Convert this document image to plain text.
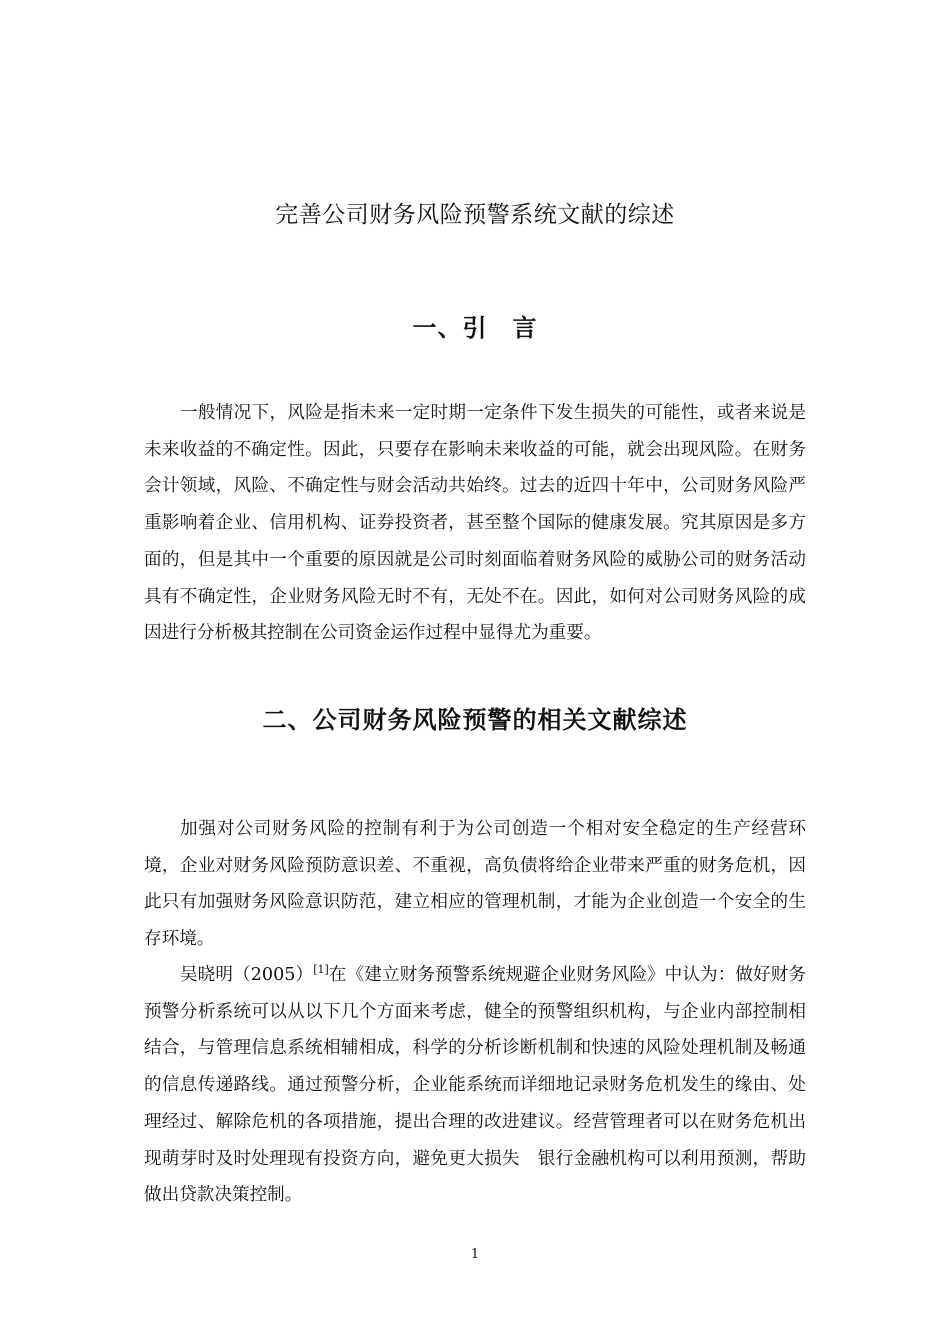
完善公司财务风险预警系统文献的综述
一、引　言
一般情况下，风险是指未来一定时期一定条件下发生损失的可能性，或者来说是未来收益的不确定性。因此，只要存在影响未来收益的可能，就会出现风险。在财务会计领域，风险、不确定性与财会活动共始终。过去的近四十年中，公司财务风险严重影响着企业、信用机构、证券投资者，甚至整个国际的健康发展。究其原因是多方面的，但是其中一个重要的原因就是公司时刻面临着财务风险的威胁公司的财务活动具有不确定性，企业财务风险无时不有，无处不在。因此，如何对公司财务风险的成因进行分析极其控制在公司资金运作过程中显得尤为重要。
二、公司财务风险预警的相关文献综述
加强对公司财务风险的控制有利于为公司创造一个相对安全稳定的生产经营环境，企业对财务风险预防意识差、不重视，高负债将给企业带来严重的财务危机，因此只有加强财务风险意识防范，建立相应的管理机制，才能为企业创造一个安全的生存环境。
吴晓明（2005）[1]在《建立财务预警系统规避企业财务风险》中认为：做好财务预警分析系统可以从以下几个方面来考虑，健全的预警组织机构，与企业内部控制相结合，与管理信息系统相辅相成，科学的分析诊断机制和快速的风险处理机制及畅通的信息传递路线。通过预警分析，企业能系统而详细地记录财务危机发生的缘由、处理经过、解除危机的各项措施，提出合理的改进建议。经营管理者可以在财务危机出现萌芽时及时处理现有投资方向，避免更大损失　银行金融机构可以利用预测，帮助做出贷款决策控制。
1
